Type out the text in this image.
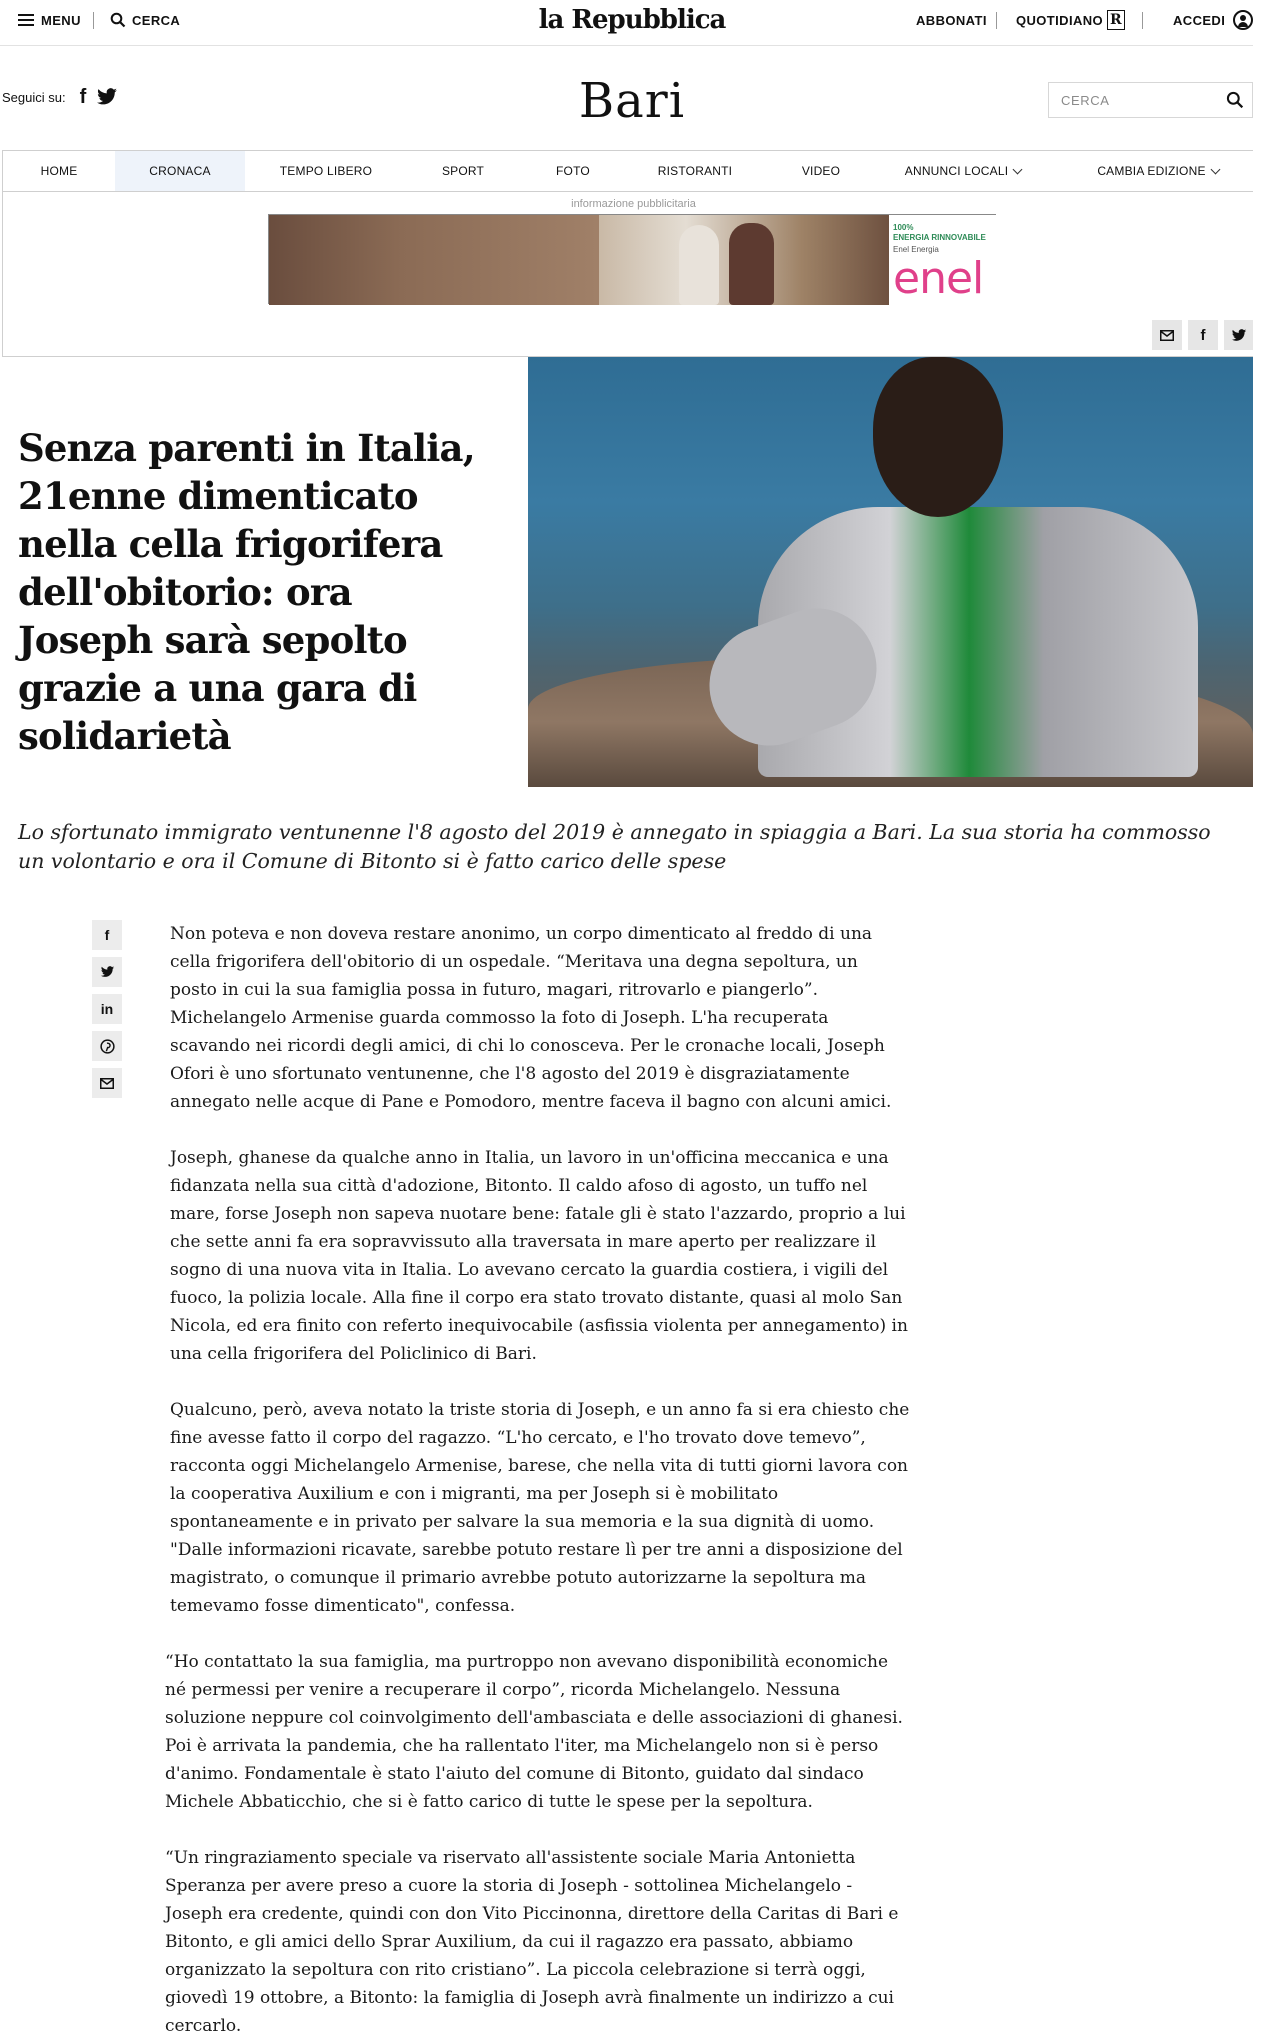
MENU	CERCA	la Repubblica	ABBONATI QUOTIDIANO R	ACCEDI
Seguici su: f	Bari	CERCA
HOME	CRONACA	TEMPO LIBERO	SPORT	FOTO	RISTORANTI	VIDEO	ANNUNCI LOCALI	CAMBIA EDIZIONE
informazione pubblicitaria
100%
ENERGIA RINNOVABILE
Enel Energia
enel
f
Senza parenti in Italia, 21enne dimenticato nella cella frigorifera dell'obitorio: ora Joseph sarà sepolto grazie a una gara di solidarietà

Lo sfortunato immigrato ventunenne l'8 agosto del 2019 è annegato in spiaggia a Bari. La sua storia ha commosso un volontario e ora il Comune di Bitonto si è fatto carico delle spese

f
in

Non poteva e non doveva restare anonimo, un corpo dimenticato al freddo di una cella frigorifera dell'obitorio di un ospedale. “Meritava una degna sepoltura, un posto in cui la sua famiglia possa in futuro, magari, ritrovarlo e piangerlo”. Michelangelo Armenise guarda commosso la foto di Joseph. L'ha recuperata scavando nei ricordi degli amici, di chi lo conosceva. Per le cronache locali, Joseph Ofori è uno sfortunato ventunenne, che l'8 agosto del 2019 è disgraziatamente annegato nelle acque di Pane e Pomodoro, mentre faceva il bagno con alcuni amici.

Joseph, ghanese da qualche anno in Italia, un lavoro in un'officina meccanica e una fidanzata nella sua città d'adozione, Bitonto. Il caldo afoso di agosto, un tuffo nel mare, forse Joseph non sapeva nuotare bene: fatale gli è stato l'azzardo, proprio a lui che sette anni fa era sopravvissuto alla traversata in mare aperto per realizzare il sogno di una nuova vita in Italia. Lo avevano cercato la guardia costiera, i vigili del fuoco, la polizia locale. Alla fine il corpo era stato trovato distante, quasi al molo San Nicola, ed era finito con referto inequivocabile (asfissia violenta per annegamento) in una cella frigorifera del Policlinico di Bari.

Qualcuno, però, aveva notato la triste storia di Joseph, e un anno fa si era chiesto che fine avesse fatto il corpo del ragazzo. “L'ho cercato, e l'ho trovato dove temevo”, racconta oggi Michelangelo Armenise, barese, che nella vita di tutti giorni lavora con la cooperativa Auxilium e con i migranti, ma per Joseph si è mobilitato spontaneamente e in privato per salvare la sua memoria e la sua dignità di uomo. "Dalle informazioni ricavate, sarebbe potuto restare lì per tre anni a disposizione del magistrato, o comunque il primario avrebbe potuto autorizzarne la sepoltura ma temevamo fosse dimenticato", confessa.

“Ho contattato la sua famiglia, ma purtroppo non avevano disponibilità economiche né permessi per venire a recuperare il corpo”, ricorda Michelangelo. Nessuna soluzione neppure col coinvolgimento dell'ambasciata e delle associazioni di ghanesi. Poi è arrivata la pandemia, che ha rallentato l'iter, ma Michelangelo non si è perso d'animo. Fondamentale è stato l'aiuto del comune di Bitonto, guidato dal sindaco Michele Abbaticchio, che si è fatto carico di tutte le spese per la sepoltura.

“Un ringraziamento speciale va riservato all'assistente sociale Maria Antonietta Speranza per avere preso a cuore la storia di Joseph - sottolinea Michelangelo - Joseph era credente, quindi con don Vito Piccinonna, direttore della Caritas di Bari e Bitonto, e gli amici dello Sprar Auxilium, da cui il ragazzo era passato, abbiamo organizzato la sepoltura con rito cristiano”. La piccola celebrazione si terrà oggi, giovedì 19 ottobre, a Bitonto: la famiglia di Joseph avrà finalmente un indirizzo a cui cercarlo.
